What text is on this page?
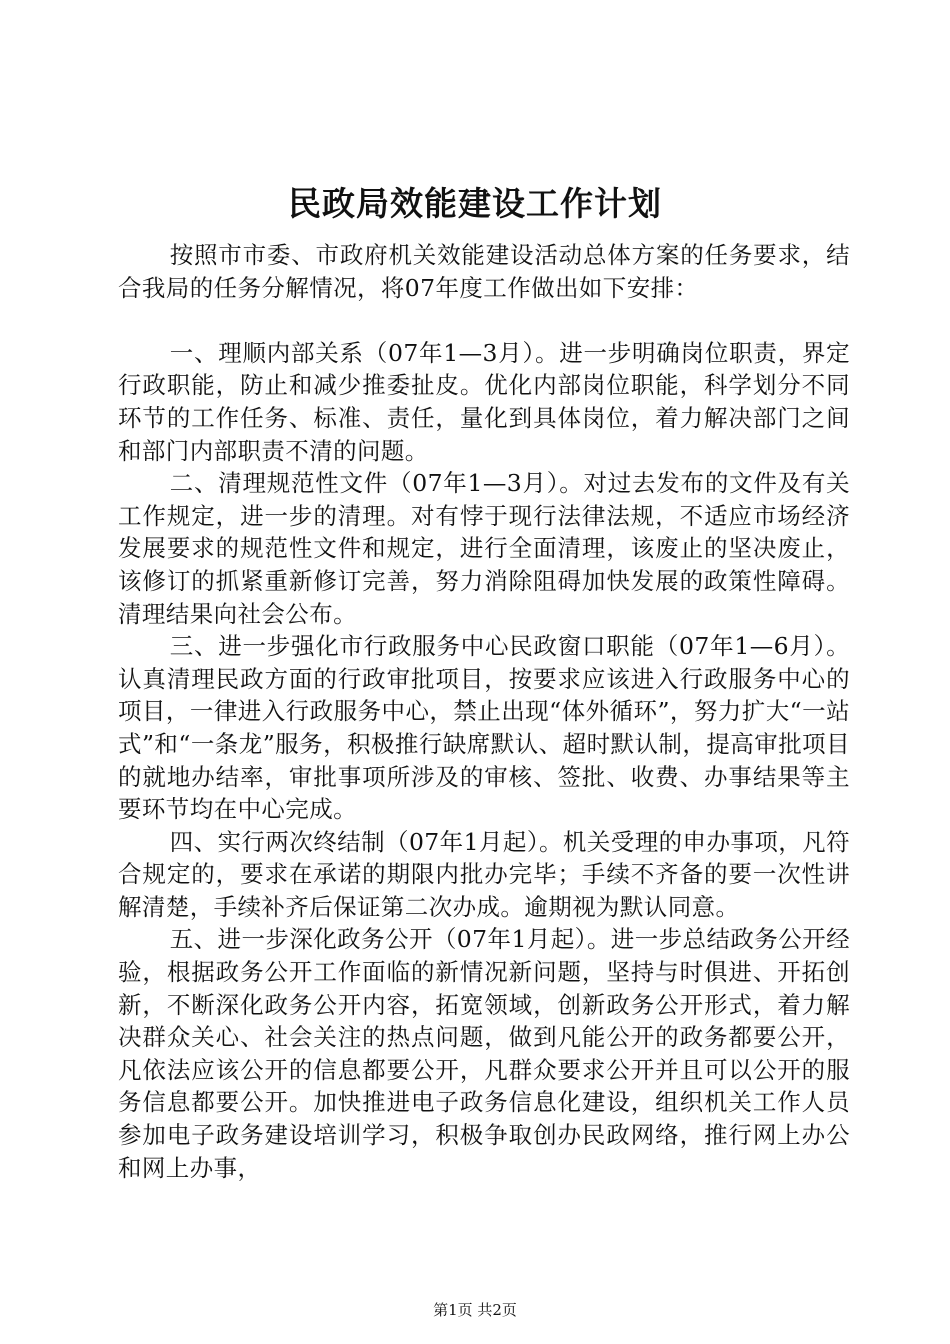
民政局效能建设工作计划

按照市市委、市政府机关效能建设活动总体方案的任务要求，结合我局的任务分解情况，将07年度工作做出如下安排：

一、理顺内部关系（07年1—3月）。进一步明确岗位职责，界定行政职能，防止和减少推委扯皮。优化内部岗位职能，科学划分不同环节的工作任务、标准、责任，量化到具体岗位，着力解决部门之间和部门内部职责不清的问题。

二、清理规范性文件（07年1—3月）。对过去发布的文件及有关工作规定，进一步的清理。对有悖于现行法律法规，不适应市场经济发展要求的规范性文件和规定，进行全面清理，该废止的坚决废止，该修订的抓紧重新修订完善，努力消除阻碍加快发展的政策性障碍。清理结果向社会公布。

三、进一步强化市行政服务中心民政窗口职能（07年1—6月）。认真清理民政方面的行政审批项目，按要求应该进入行政服务中心的项目，一律进入行政服务中心，禁止出现“体外循环”，努力扩大“一站式”和“一条龙”服务，积极推行缺席默认、超时默认制，提高审批项目的就地办结率，审批事项所涉及的审核、签批、收费、办事结果等主要环节均在中心完成。

四、实行两次终结制（07年1月起）。机关受理的申办事项，凡符合规定的，要求在承诺的期限内批办完毕；手续不齐备的要一次性讲解清楚，手续补齐后保证第二次办成。逾期视为默认同意。

五、进一步深化政务公开（07年1月起）。进一步总结政务公开经验，根据政务公开工作面临的新情况新问题，坚持与时俱进、开拓创新，不断深化政务公开内容，拓宽领域，创新政务公开形式，着力解决群众关心、社会关注的热点问题，做到凡能公开的政务都要公开，凡依法应该公开的信息都要公开，凡群众要求公开并且可以公开的服务信息都要公开。加快推进电子政务信息化建设，组织机关工作人员参加电子政务建设培训学习，积极争取创办民政网络，推行网上办公和网上办事，

第1页 共2页
